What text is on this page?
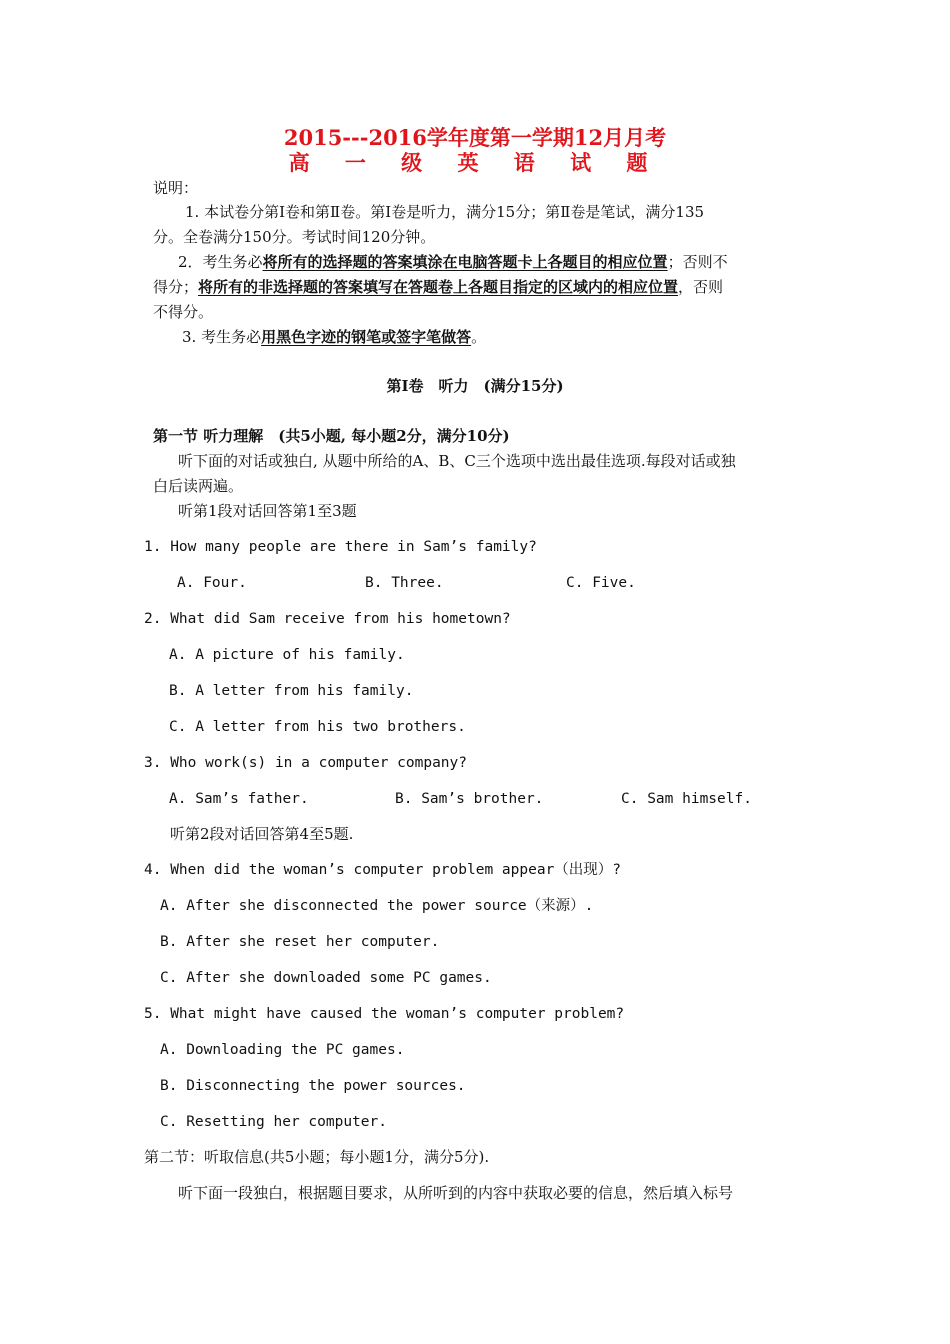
2015---2016学年度第一学期12月月考
高 一 级 英 语 试 题
说明：
1. 本试卷分第Ⅰ卷和第Ⅱ卷。第Ⅰ卷是听力，满分15分；第Ⅱ卷是笔试，满分135
分。全卷满分150分。考试时间120分钟。
2．考生务必将所有的选择题的答案填涂在电脑答题卡上各题目的相应位置；否则不
得分；将所有的非选择题的答案填写在答题卷上各题目指定的区域内的相应位置，否则
不得分。
3. 考生务必用黑色字迹的钢笔或签字笔做答。
第Ⅰ卷　听力　(满分15分)
第一节 听力理解　(共5小题, 每小题2分，满分10分)
听下面的对话或独白, 从题中所给的A、B、C三个选项中选出最佳选项.每段对话或独
白后读两遍。
听第1段对话回答第1至3题
1. How many people are there in Sam’s family?
A. Four.	B. Three.	C. Five.
2. What did Sam receive from his hometown?
A. A picture of his family.
B. A letter from his family.
C. A letter from his two brothers.
3. Who work(s) in a computer company?
A. Sam’s father.	B. Sam’s brother.	C. Sam himself.
听第2段对话回答第4至5题.
4. When did the woman’s computer problem appear（出现）?
A. After she disconnected the power source（来源）.
B. After she reset her computer.
C. After she downloaded some PC games.
5. What might have caused the woman’s computer problem?
A. Downloading the PC games.
B. Disconnecting the power sources.
C. Resetting her computer.
第二节：听取信息(共5小题；每小题1分，满分5分).
听下面一段独白，根据题目要求，从所听到的内容中获取必要的信息，然后填入标号
